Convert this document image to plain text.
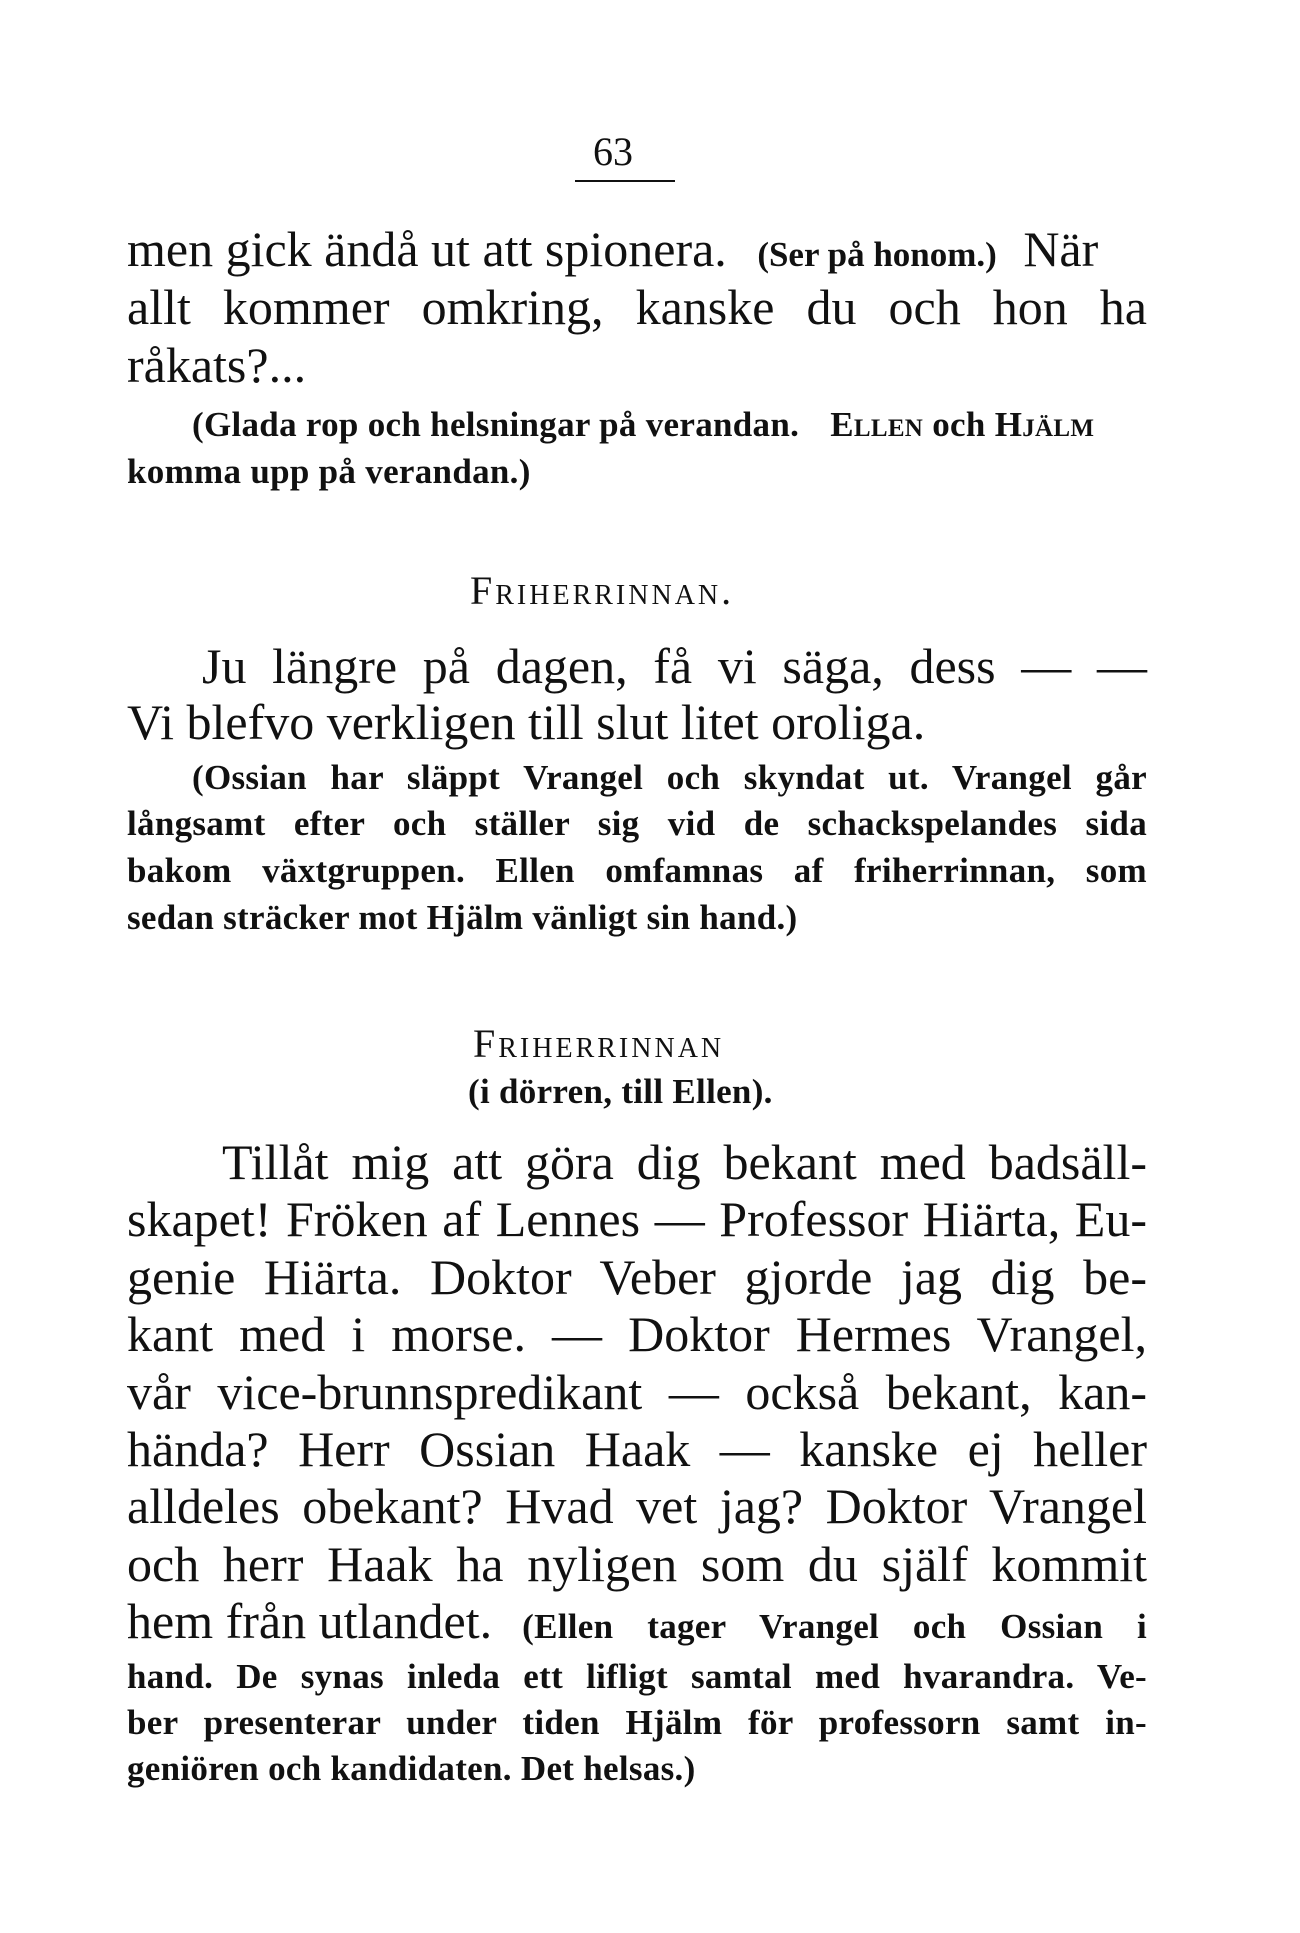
63
men gick ändå ut att spionera. (Ser på honom.) När
allt kommer omkring, kanske du och hon ha
råkats?...
(Glada rop och helsningar på verandan. Ellen och Hjälm
komma upp på verandan.)
Friherrinnan.
Ju längre på dagen, få vi säga, dess — —
Vi blefvo verkligen till slut litet oroliga.
(Ossian har släppt Vrangel och skyndat ut. Vrangel går
långsamt efter och ställer sig vid de schackspelandes sida
bakom växtgruppen. Ellen omfamnas af friherrinnan, som
sedan sträcker mot Hjälm vänligt sin hand.)
Friherrinnan
(i dörren, till Ellen).
Tillåt mig att göra dig bekant med badsäll-
skapet! Fröken af Lennes — Professor Hiärta, Eu-
genie Hiärta. Doktor Veber gjorde jag dig be-
kant med i morse. — Doktor Hermes Vrangel,
vår vice-brunnspredikant — också bekant, kan-
hända? Herr Ossian Haak — kanske ej heller
alldeles obekant? Hvad vet jag? Doktor Vrangel
och herr Haak ha nyligen som du själf kommit
hem från utlandet. (Ellen tager Vrangel och Ossian i
hand. De synas inleda ett lifligt samtal med hvarandra. Ve-
ber presenterar under tiden Hjälm för professorn samt in-
geniören och kandidaten. Det helsas.)
